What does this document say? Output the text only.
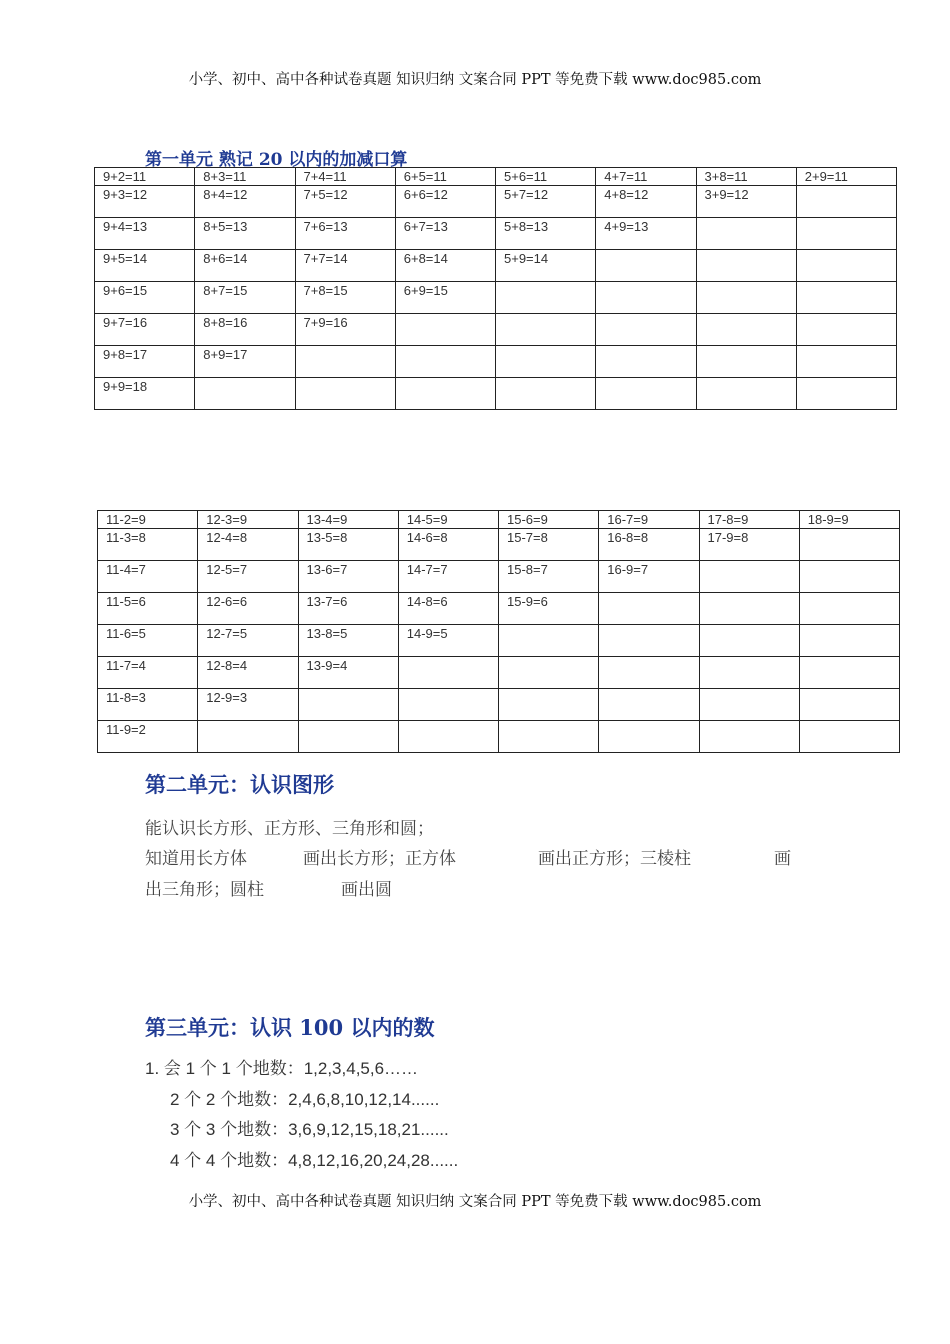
小学、初中、高中各种试卷真题 知识归纳 文案合同 PPT 等免费下载 www.doc985.com
第一单元 熟记 20 以内的加减口算
9+2=11	8+3=11	7+4=11	6+5=11	5+6=11	4+7=11	3+8=11	2+9=11
9+3=12	8+4=12	7+5=12	6+6=12	5+7=12	4+8=12	3+9=12	
9+4=13	8+5=13	7+6=13	6+7=13	5+8=13	4+9=13		
9+5=14	8+6=14	7+7=14	6+8=14	5+9=14			
9+6=15	8+7=15	7+8=15	6+9=15				
9+7=16	8+8=16	7+9=16					
9+8=17	8+9=17						
9+9=18							
11-2=9	12-3=9	13-4=9	14-5=9	15-6=9	16-7=9	17-8=9	18-9=9
11-3=8	12-4=8	13-5=8	14-6=8	15-7=8	16-8=8	17-9=8	
11-4=7	12-5=7	13-6=7	14-7=7	15-8=7	16-9=7		
11-5=6	12-6=6	13-7=6	14-8=6	15-9=6			
11-6=5	12-7=5	13-8=5	14-9=5				
11-7=4	12-8=4	13-9=4					
11-8=3	12-9=3						
11-9=2							
第二单元：认识图形
能认识长方形、正方形、三角形和圆；
知道用长方体	画出长方形；正方体	画出正方形；三棱柱	画
出三角形；圆柱	画出圆
第三单元：认识 100 以内的数
1. 会 1 个 1 个地数：1,2,3,4,5,6……
2 个 2 个地数：2,4,6,8,10,12,14......
3 个 3 个地数：3,6,9,12,15,18,21......
4 个 4 个地数：4,8,12,16,20,24,28......
小学、初中、高中各种试卷真题 知识归纳 文案合同 PPT 等免费下载 www.doc985.com
